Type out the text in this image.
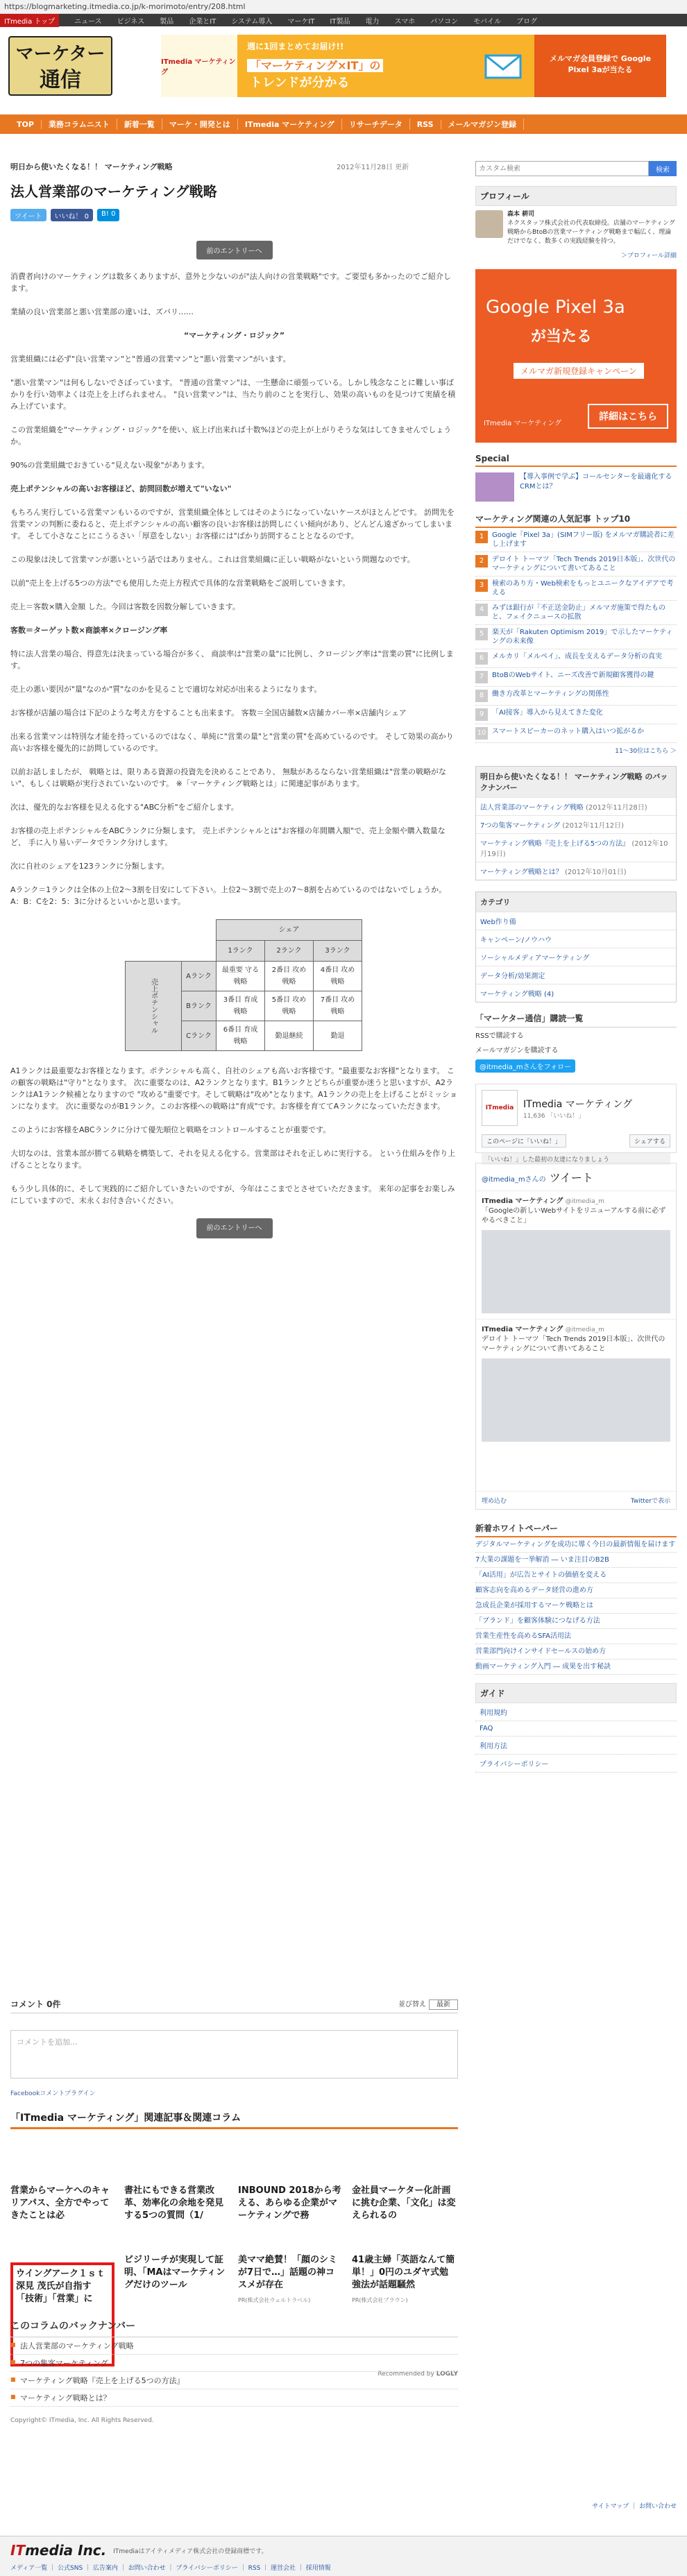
https://blogmarketing.itmedia.co.jp/k-morimoto/entry/208.html
ITmedia トップ	ニュース ビジネス 製品 企業とIT システム導入 マーケIT IT製品 電力 スマホ パソコン モバイル ブログ
マーケター
通信
ITmedia マーケティング
週に1回まとめてお届け!!
「マーケティング×IT」の
トレンドが分かる
メルマガ会員登録で Google Pixel 3aが当たる
TOP	業務コラムニスト	新着一覧	マーケ・開発とは	ITmedia マーケティング	リサーチデータ	RSS	メールマガジン登録
明日から使いたくなる！！ マーケティング戦略	2012年11月28日 更新
法人営業部のマーケティング戦略
ツイート	いいね！ 0	B! 0
前のエントリーへ

消費者向けのマーケティングは数多くありますが、意外と少ないのが"法人向けの営業戦略"です。ご要望も多かったのでご紹介します。

業績の良い営業部と悪い営業部の違いは、ズバリ……

“マーケティング・ロジック”

営業組織には必ず"良い営業マン"と"普通の営業マン"と"悪い営業マン"がいます。

"悪い営業マン"は何もしないでさぼっています。 "普通の営業マン"は、一生懸命に頑張っている。しかし残念なことに難しい事ばかりを行い効率よくは売上を上げられません。 "良い営業マン"は、当たり前のことを実行し、効果の高いものを見つけて実績を積み上げています。

この営業組織を"マーケティング・ロジック"を使い、底上げ出来れば十数%ほどの売上が上がりそうな気はしてきませんでしょうか。

90%の営業組織でおきている"見えない現象"があります。

売上ポテンシャルの高いお客様ほど、訪問回数が増えて"いない"

もちろん実行している営業マンもいるのですが、営業組織全体としてはそのようになっていないケースがほとんどです。 訪問先を営業マンの判断に委ねると、売上ポテンシャルの高い顧客の良いお客様は訪問しにくい傾向があり、どんどん遠ざかってしまいます。 そして小さなことにこうるさい「厚意をしない」お客様には"ばかり訪問することとなるのです。

この現象は決して営業マンが悪いという話ではありません。これは営業組織に正しい戦略がないという問題なのです。

以前"売上を上げる5つの方法"でも使用した売上方程式で具体的な営業戦略をご説明していきます。

売上＝客数×購入金額 した。今回は客数を因数分解していきます。

客数＝ターゲット数×商談率×クロージング率

特に法人営業の場合、得意先は決まっている場合が多く、 商談率は"営業の量"に比例し、クロージング率は"営業の質"に比例します。

売上の悪い要因が"量"なのか"質"なのかを見ることで適切な対応が出来るようになります。

お客様が店舗の場合は下記のような考え方をすることも出来ます。 客数＝全国店舗数×店舗カバー率×店舗内シェア

出来る営業マンは特別な才能を持っているのではなく、単純に"営業の量"と"営業の質"を高めているのです。 そして効果の高かり高いお客様を優先的に訪問しているのです。

以前お話しましたが、 戦略とは、限りある資源の投資先を決めることであり、 無駄があるならない営業組織は"営業の戦略がない"、もしくは戦略が実行されていないのです。 ※「マーケティング戦略とは」に関連記事があります。

次は、優先的なお客様を見える化する"ABC分析"をご紹介します。

お客様の売上ポテンシャルをABCランクに分類します。 売上ポテンシャルとは"お客様の年間購入額"で、売上金額や購入数量など、 手に入り易いデータでランク分けします。

次に自社のシェアを123ランクに分類します。

Aランク＝1ランクは全体の上位2〜3割を目安にして下さい。上位2〜3割で売上の7〜8割を占めているのではないでしょうか。 A：B：Cを2：5：3に分けるといいかと思います。

		シェア		
		1ランク	2ランク	3ランク
売上ポテンシャル	Aランク	最重要 守る戦略	2番目 攻め戦略	4番目 攻め戦略
	Bランク	3番目 育成戦略	5番目 攻め戦略	7番目 攻め戦略
	Cランク	6番目 育成戦略	勤退継続	勤退

A1ランクは最重要なお客様となります。ポテンシャルも高く、自社のシェアも高いお客様です。"最重要なお客様"となります。 この顧客の戦略は"守り"となります。 次に重要なのは、A2ランクとなります。B1ランクとどちらが重要か迷うと思いますが、A2ランクはA1ランク候補となりますので "攻める"重要です。そして戦略は"攻め"となります。A1ランクの売上を上げることがミッションになります。 次に重要なのがB1ランク。このお客様への戦略は"育成"です。お客様を育ててAランクになっていただきます。

このようにお客様をABCランクに分けて優先順位と戦略をコントロールすることが重要です。

大切なのは、営業本部が勝てる戦略を構築して、それを見える化する。営業部はそれを正しめに実行する。 という仕組みを作り上げることとなります。

もう少し具体的に、そして実践的にご紹介していきたいのですが、今年はここまでとさせていただきます。 来年の記事をお楽しみにしていますので、末永くお付き合いください。

前のエントリーへ
コメント 0件	並び替え 最新
コメントを追加...
Facebookコメントプラグイン
「ITmedia マーケティング」関連記事＆関連コラム
営業からマーケへのキャリアパス、全方でやってきたことは必
書社にもできる営業改革、効率化の余地を発見する5つの質問（1/
INBOUND 2018から考える、あらゆる企業がマーケティングで務
金社員マーケター化計画に挑む企業、「文化」は変えられるの
ウイングアーク１ｓｔ深見 茂氏が自指す「技術」「営業」に
ビジリーチが実現して証明、「MAはマーケティングだけのツール
美ママ絶賛！「顔のシミが7日で…」話題の神コスメが存在
PR(株式会社ウェルトラベル)
41歳主婦「英語なんて簡単！」0円のユダヤ式勉強法が話題騒然
PR(株式会社ブラウン)
Recommended by LOGLY
このコラムのバックナンバー
■ 法人営業部のマーケティング戦略
■ 7つの集客マーケティング
■ マーケティング戦略『売上を上げる5つの方法』
■ マーケティング戦略とは？
Copyright© ITmedia, Inc. All Rights Reserved.
カスタム検索
検索
プロフィール
森本 耕司
ネクスタッフ株式会社の代表取締役。店舗のマーケティング戦略からBtoBの営業マーケティング戦略まで幅広く、理論だけでなく、数多くの実践経験を持つ。
＞プロフィール詳細
Google Pixel 3a
が当たる
メルマガ新規登録キャンペーン
ITmedia マーケティング
詳細はこちら
Special
【導入事例で学ぶ】コールセンターを最適化するCRMとは？
マーケティング関連の人気記事 トップ10
1	Google「Pixel 3a」(SIMフリー版) をメルマガ購読者に差し上げます
2	デロイト トーマツ「Tech Trends 2019日本版」、次世代のマーケティングについて書いてあること
3	検索のあり方・Web検索をもっとユニークなアイデアで考える
4	みずほ銀行が「不正送金防止」メルマガ施策で得たものと、フェイクニュースの拡散
5	楽天が「Rakuten Optimism 2019」で示したマーケティングの未来像
6	メルカリ「メルペイ」、成長を支えるデータ分析の真実
7	BtoBのWebサイト、ニーズ改善で新規顧客獲得の鍵
8	働き方改革とマーケティングの関係性
9	「AI接客」導入から見えてきた変化
10 スマートスピーカーのネット購入はいつ拡がるか
11～30位はこちら ＞
明日から使いたくなる！！ マーケティング戦略 のバックナンバー
法人営業部のマーケティング戦略 (2012年11月28日)
7つの集客マーケティング (2012年11月12日)
マーケティング戦略『売上を上げる5つの方法』 (2012年10月19日)
マーケティング戦略とは？ (2012年10月01日)
カテゴリ
Web作り備
キャンペーン/ノウハウ
ソーシャルメディアマーケティング
データ分析/効果測定
マーケティング戦略 (4)
「マーケター通信」購読一覧
RSSで購読する
メールマガジンを購読する
@itmedia_mさんをフォロー
ITmedia ITmedia マーケティング
11,636 「いいね！」
このページに「いいね！」	シェアする
「いいね！」した最初の友達になりましょう
@itmedia_mさんの ツイート
ITmedia マーケティング @itmedia_m
「Googleの新しいWebサイトをリニューアルする前に必ずやるべきこと」
ITmedia マーケティング @itmedia_m
デロイト トーマツ「Tech Trends 2019日本版」、次世代のマーケティングについて書いてあること
埋め込む	Twitterで表示
新着ホワイトペーパー
デジタルマーケティングを成功に導く今日の最新情報を届けます
7大業の課題を一挙解消 ― いま注目のB2B
「AI活用」が広告とサイトの価値を変える
顧客志向を高めるデータ経営の進め方
急成長企業が採用するマーケ戦略とは
「ブランド」を顧客体験につなげる方法
営業生産性を高めるSFA活用法
営業部門向けインサイドセールスの始め方
動画マーケティング入門 ― 成果を出す秘訣
ガイド
利用規約
FAQ
利用方法
プライバシーポリシー
サイトマップ ｜ お問い合わせ
ITmedia Inc. ITmediaはアイティメディア株式会社の登録商標です。
メディア一覧 ｜ 公式SNS ｜ 広告案内 ｜ お問い合わせ ｜ プライバシーポリシー ｜ RSS ｜ 運営会社 ｜ 採用情報
